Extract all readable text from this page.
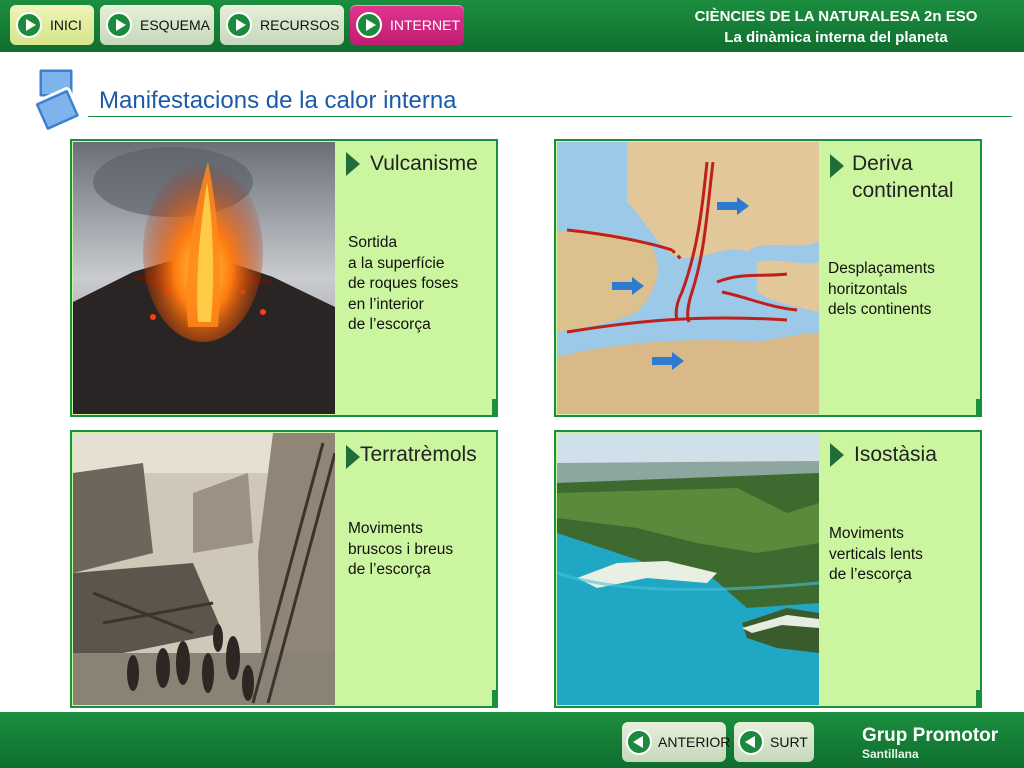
INICI	ESQUEMA	RECURSOS	INTERNET	CIÈNCIES DE LA NATURALESA 2n ESO
La dinàmica interna del planeta
Manifestacions de la calor interna
Vulcanisme
Sortida
a la superfície
de roques foses
en l’interior
de l’escorça
Deriva
continental
Desplaçaments
horitzontals
dels continents
Terratrèmols
Moviments
bruscos i breus
de l’escorça
Isostàsia
Moviments
verticals lents
de l’escorça
ANTERIOR	SURT	Grup Promotor
Santillana
